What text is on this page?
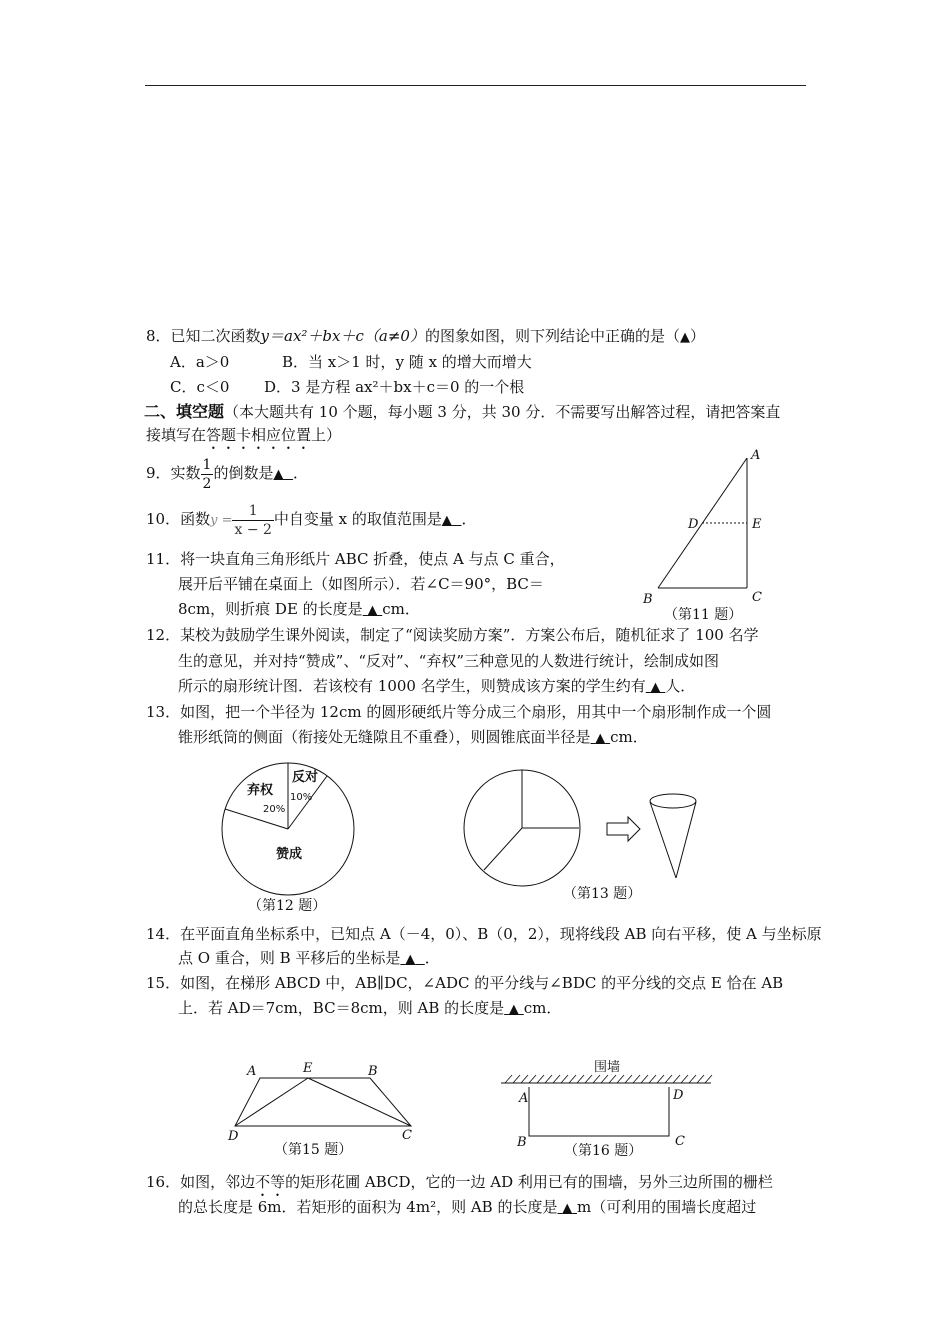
8．已知二次函数y＝ax²＋bx＋c（a≠0）的图象如图，则下列结论中正确的是（▲）
A．a＞0	B．当 x＞1 时，y 随 x 的增大而增大
C．c＜0 D．3 是方程 ax²＋bx＋c＝0 的一个根
二、填空题（本大题共有 10 个题，每小题 3 分，共 30 分．不需要写出解答过程，请把答案直
接填写在答题卡相应位置上）
9．实数 $\frac{1}{2}$ 的倒数是▲ ．
10．函数$y = \frac{1}{x - 2}$ 中自变量 x 的取值范围是▲ ．
11．将一块直角三角形纸片 ABC 折叠，使点 A 与点 C 重合，
展开后平铺在桌面上（如图所示）．若∠C＝90°，BC＝
8cm，则折痕 DE 的长度是 ▲ cm．
A
D	E
B	C
（第11 题）
12．某校为鼓励学生课外阅读，制定了“阅读奖励方案”．方案公布后，随机征求了 100 名学
生的意见，并对持“赞成”、“反对”、“弃权”三种意见的人数进行统计，绘制成如图
所示的扇形统计图．若该校有 1000 名学生，则赞成该方案的学生约有 ▲ 人．
13．如图，把一个半径为 12cm 的圆形硬纸片等分成三个扇形，用其中一个扇形制作成一个圆
锥形纸筒的侧面（衔接处无缝隙且不重叠），则圆锥底面半径是 ▲ cm．
弃权
20%
反对
10%
赞成
（第12 题）
（第13 题）
14．在平面直角坐标系中，已知点 A（－4，0）、B（0，2），现将线段 AB 向右平移，使 A 与坐标原
点 O 重合，则 B 平移后的坐标是 ▲ ．
15．如图，在梯形 ABCD 中，AB∥DC，∠ADC 的平分线与∠BDC 的平分线的交点 E 恰在 AB
上．若 AD＝7cm，BC＝8cm，则 AB 的长度是 ▲ cm．
A	E	B
D	C
（第15 题）
围墙
A	D
B	C
（第16 题）
16．如图，邻边不等的矩形花圃 ABCD，它的一边 AD 利用已有的围墙，另外三边所围的栅栏
的总长度是 6m．若矩形的面积为 4m²，则 AB 的长度是 ▲ m（可利用的围墙长度超过
